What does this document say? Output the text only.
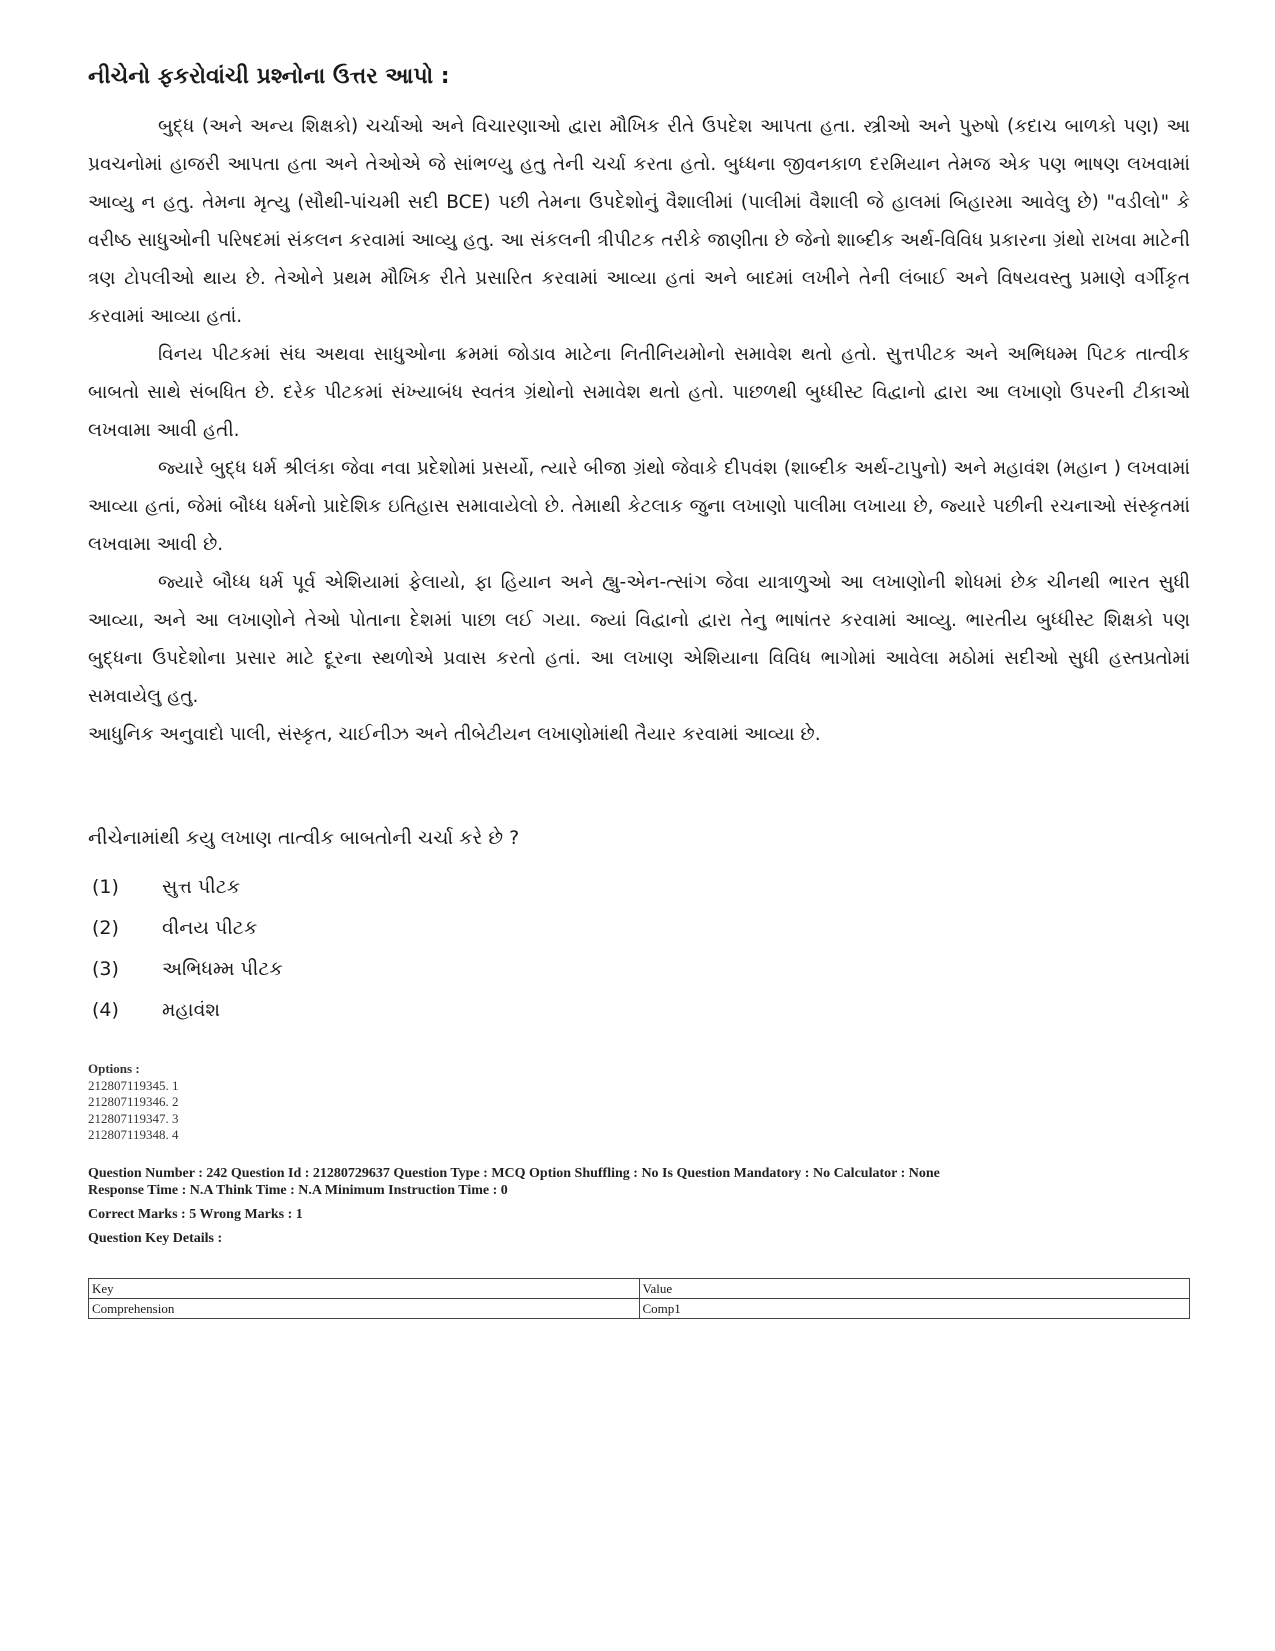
નીચેનો ફકરોવાંચી પ્રશ્નોના ઉત્તર આપો :

બુદ્ધ (અને અન્ય શિક્ષકો) ચર્ચાઓ અને વિચારણાઓ દ્વારા મૌખિક રીતે ઉપદેશ આપતા હતા. સ્ત્રીઓ અને પુરુષો (કદાચ બાળકો પણ) આ પ્રવચનોમાં હાજરી આપતા હતા અને તેઓએ જે સાંભળ્યુ હતુ તેની ચર્ચા કરતા હતો. બુધ્ધના જીવનકાળ દરમિયાન તેમજ એક પણ ભાષણ લખવામાં આવ્યુ ન હતુ. તેમના મૃત્યુ (સૌથી-પાંચમી સદી BCE) પછી તેમના ઉપદેશોનું વૈશાલીમાં (પાલીમાં વૈશાલી જે હાલમાં બિહારમા આવેલુ છે) "વડીલો" કે વરીષ્ઠ સાધુઓની પરિષદમાં સંકલન કરવામાં આવ્યુ હતુ. આ સંકલની ત્રીપીટક તરીકે જાણીતા છે જેનો શાબ્દીક અર્થ-વિવિધ પ્રકારના ગ્રંથો રાખવા માટેની ત્રણ ટોપલીઓ થાય છે. તેઓને પ્રથમ મૌખિક રીતે પ્રસારિત કરવામાં આવ્યા હતાં અને બાદમાં લખીને તેની લંબાઈ અને વિષયવસ્તુ પ્રમાણે વર્ગીકૃત કરવામાં આવ્યા હતાં.

વિનય પીટકમાં સંઘ અથવા સાધુઓના ક્રમમાં જોડાવ માટેના નિતીનિયમોનો સમાવેશ થતો હતો. સુત્તપીટક અને અભિધમ્મ પિટક તાત્વીક બાબતો સાથે સંબધિત છે. દરેક પીટકમાં સંખ્યાબંધ સ્વતંત્ર ગ્રંથોનો સમાવેશ થતો હતો. પાછળથી બુધ્ધીસ્ટ વિદ્વાનો દ્વારા આ લખાણો ઉપરની ટીકાઓ લખવામા આવી હતી.

જ્યારે બુદ્ધ ધર્મ શ્રીલંકા જેવા નવા પ્રદેશોમાં પ્રસર્યો, ત્યારે બીજા ગ્રંથો જેવાકે દીપવંશ (શાબ્દીક અર્થ-ટાપુનો) અને મહાવંશ (મહાન ) લખવામાં આવ્યા હતાં, જેમાં બૌધ્ધ ધર્મનો પ્રાદેશિક ઇતિહાસ સમાવાયેલો છે. તેમાથી કેટલાક જુના લખાણો પાલીમા લખાયા છે, જ્યારે પછીની રચનાઓ સંસ્કૃતમાં લખવામા આવી છે.

જ્યારે બૌધ્ધ ધર્મ પૂર્વ એશિયામાં ફેલાયો, ફા હિયાન અને હ્યુ-એન-ત્સાંગ જેવા યાત્રાળુઓ આ લખાણોની શોધમાં છેક ચીનથી ભારત સુધી આવ્યા, અને આ લખાણોને તેઓ પોતાના દેશમાં પાછા લઈ ગયા. જ્યાં વિદ્વાનો દ્વારા તેનુ ભાષાંતર કરવામાં આવ્યુ. ભારતીય બુધ્ધીસ્ટ શિક્ષકો પણ બુદ્ધના ઉપદેશોના પ્રસાર માટે દૂરના સ્થળોએ પ્રવાસ કરતો હતાં. આ લખાણ એશિયાના વિવિધ ભાગોમાં આવેલા મઠોમાં સદીઓ સુધી હસ્તપ્રતોમાં સમવાયેલુ હતુ.

આધુનિક અનુવાદો પાલી, સંસ્કૃત, ચાઈનીઝ અને તીબેટીયન લખાણોમાંથી તૈયાર કરવામાં આવ્યા છે.

નીચેનામાંથી કયુ લખાણ તાત્વીક બાબતોની ચર્ચા કરે છે ?
(1)	સુત્ત પીટક
(2)	વીનય પીટક
(3)	અભિધમ્મ પીટક
(4)	મહાવંશ
Options :
212807119345. 1
212807119346. 2
212807119347. 3
212807119348. 4
Question Number : 242 Question Id : 21280729637 Question Type : MCQ Option Shuffling : No Is Question Mandatory : No Calculator : None
Response Time : N.A Think Time : N.A Minimum Instruction Time : 0
Correct Marks : 5 Wrong Marks : 1
Question Key Details :
Key	Value
Comprehension	Comp1
